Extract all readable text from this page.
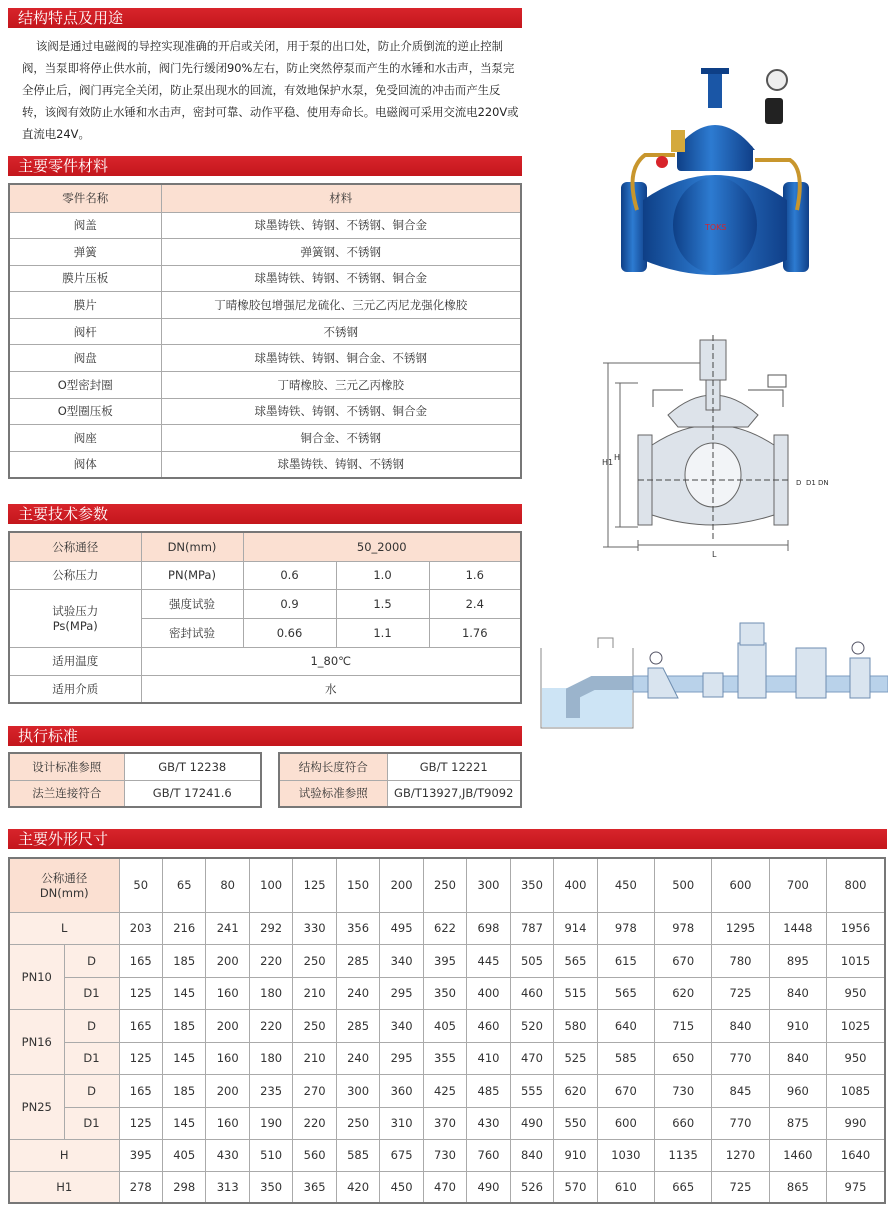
结构特点及用途
主要零件材料
主要技术参数
执行标准
主要外形尺寸
该阀是通过电磁阀的导控实现准确的开启或关闭，用于泵的出口处，防止介质倒流的逆止控制阀，当泵即将停止供水前，阀门先行缓闭90%左右，防止突然停泵而产生的水锤和水击声，当泵完全停止后，阀门再完全关闭，防止泵出现水的回流，有效地保护水泵，免受回流的冲击而产生反转，该阀有效防止水锤和水击声，密封可靠、动作平稳、使用寿命长。电磁阀可采用交流电220V或直流电24V。
零件名称	材料
阀盖	球墨铸铁、铸钢、不锈钢、铜合金
弹簧	弹簧钢、不锈钢
膜片压板	球墨铸铁、铸钢、不锈钢、铜合金
膜片	丁晴橡胶包增强尼龙硫化、三元乙丙尼龙强化橡胶
阀杆	不锈钢
阀盘	球墨铸铁、铸钢、铜合金、不锈钢
O型密封圈	丁晴橡胶、三元乙丙橡胶
O型圈压板	球墨铸铁、铸钢、不锈钢、铜合金
阀座	铜合金、不锈钢
阀体	球墨铸铁、铸钢、不锈钢
公称通径	DN(mm)	50_2000		
公称压力	PN(MPa)	0.6	1.0	1.6

试验压力
Ps(MPa)	强度试验	0.9	1.5	2.4
	密封试验	0.66	1.1	1.76
适用温度	1_80℃			
适用介质	水			
设计标准参照	GB/T 12238
法兰连接符合	GB/T 17241.6
结构长度符合	GB/T 12221
试验标准参照	GB/T13927,JB/T9092
公称通径
DN(mm)		50	65	80	100	125	150	200	250	300	350	400	450	500	600	700	800
L		203	216	241	292	330	356	495	622	698	787	914	978	978	1295	1448	1956
PN10	D	165	185	200	220	250	285	340	395	445	505	565	615	670	780	895	1015
	D1	125	145	160	180	210	240	295	350	400	460	515	565	620	725	840	950
PN16	D	165	185	200	220	250	285	340	405	460	520	580	640	715	840	910	1025
	D1	125	145	160	180	210	240	295	355	410	470	525	585	650	770	840	950
PN25	D	165	185	200	235	270	300	360	425	485	555	620	670	730	845	960	1085
	D1	125	145	160	190	220	250	310	370	430	490	550	600	660	770	875	990
H		395	405	430	510	560	585	675	730	760	840	910	1030	1135	1270	1460	1640
H1		278	298	313	350	365	420	450	470	490	526	570	610	665	725	865	975
TOKS
H1
H
L
D D1 DN
